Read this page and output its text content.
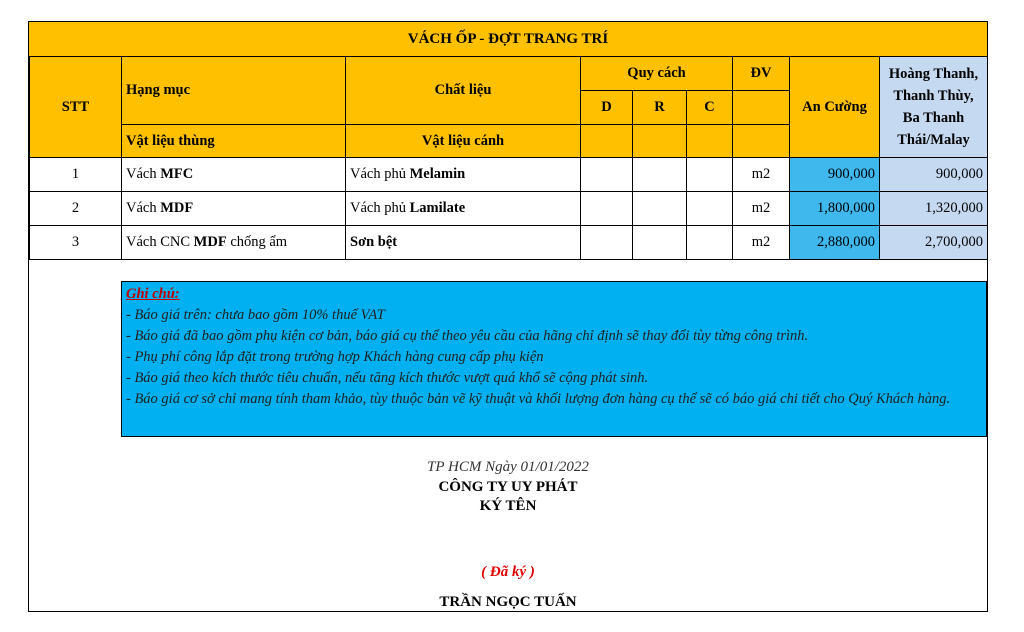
VÁCH ỐP - ĐỢT TRANG TRÍ
STT	Hạng mục	Chất liệu	Quy cách			ĐV	An Cường	Hoàng Thanh, Thanh Thùy, Ba Thanh Thái/Malay
			D	R	C			
	Vật liệu thùng	Vật liệu cánh						
1	Vách MFC	Vách phủ Melamin				m2	900,000	900,000
2	Vách MDF	Vách phủ Lamilate				m2	1,800,000	1,320,000
3	Vách CNC MDF chống ẩm	Sơn bệt				m2	2,880,000	2,700,000
Ghi chú:
- Báo giá trên: chưa bao gồm 10% thuế VAT
- Báo giá đã bao gồm phụ kiện cơ bản, báo giá cụ thể theo yêu cầu của hãng chỉ định sẽ thay đổi tùy từng công trình.
- Phụ phí công lắp đặt trong trường hợp Khách hàng cung cấp phụ kiện
- Báo giá theo kích thước tiêu chuẩn, nếu tăng kích thước vượt quá khổ sẽ cộng phát sinh.
- Báo giá cơ sở chỉ mang tính tham khảo, tùy thuộc bản vẽ kỹ thuật và khối lượng đơn hàng cụ thể sẽ có báo giá chi tiết cho Quý Khách hàng.
TP HCM Ngày 01/01/2022
CÔNG TY UY PHÁT
KÝ TÊN
( Đã ký )
TRẦN NGỌC TUẤN
